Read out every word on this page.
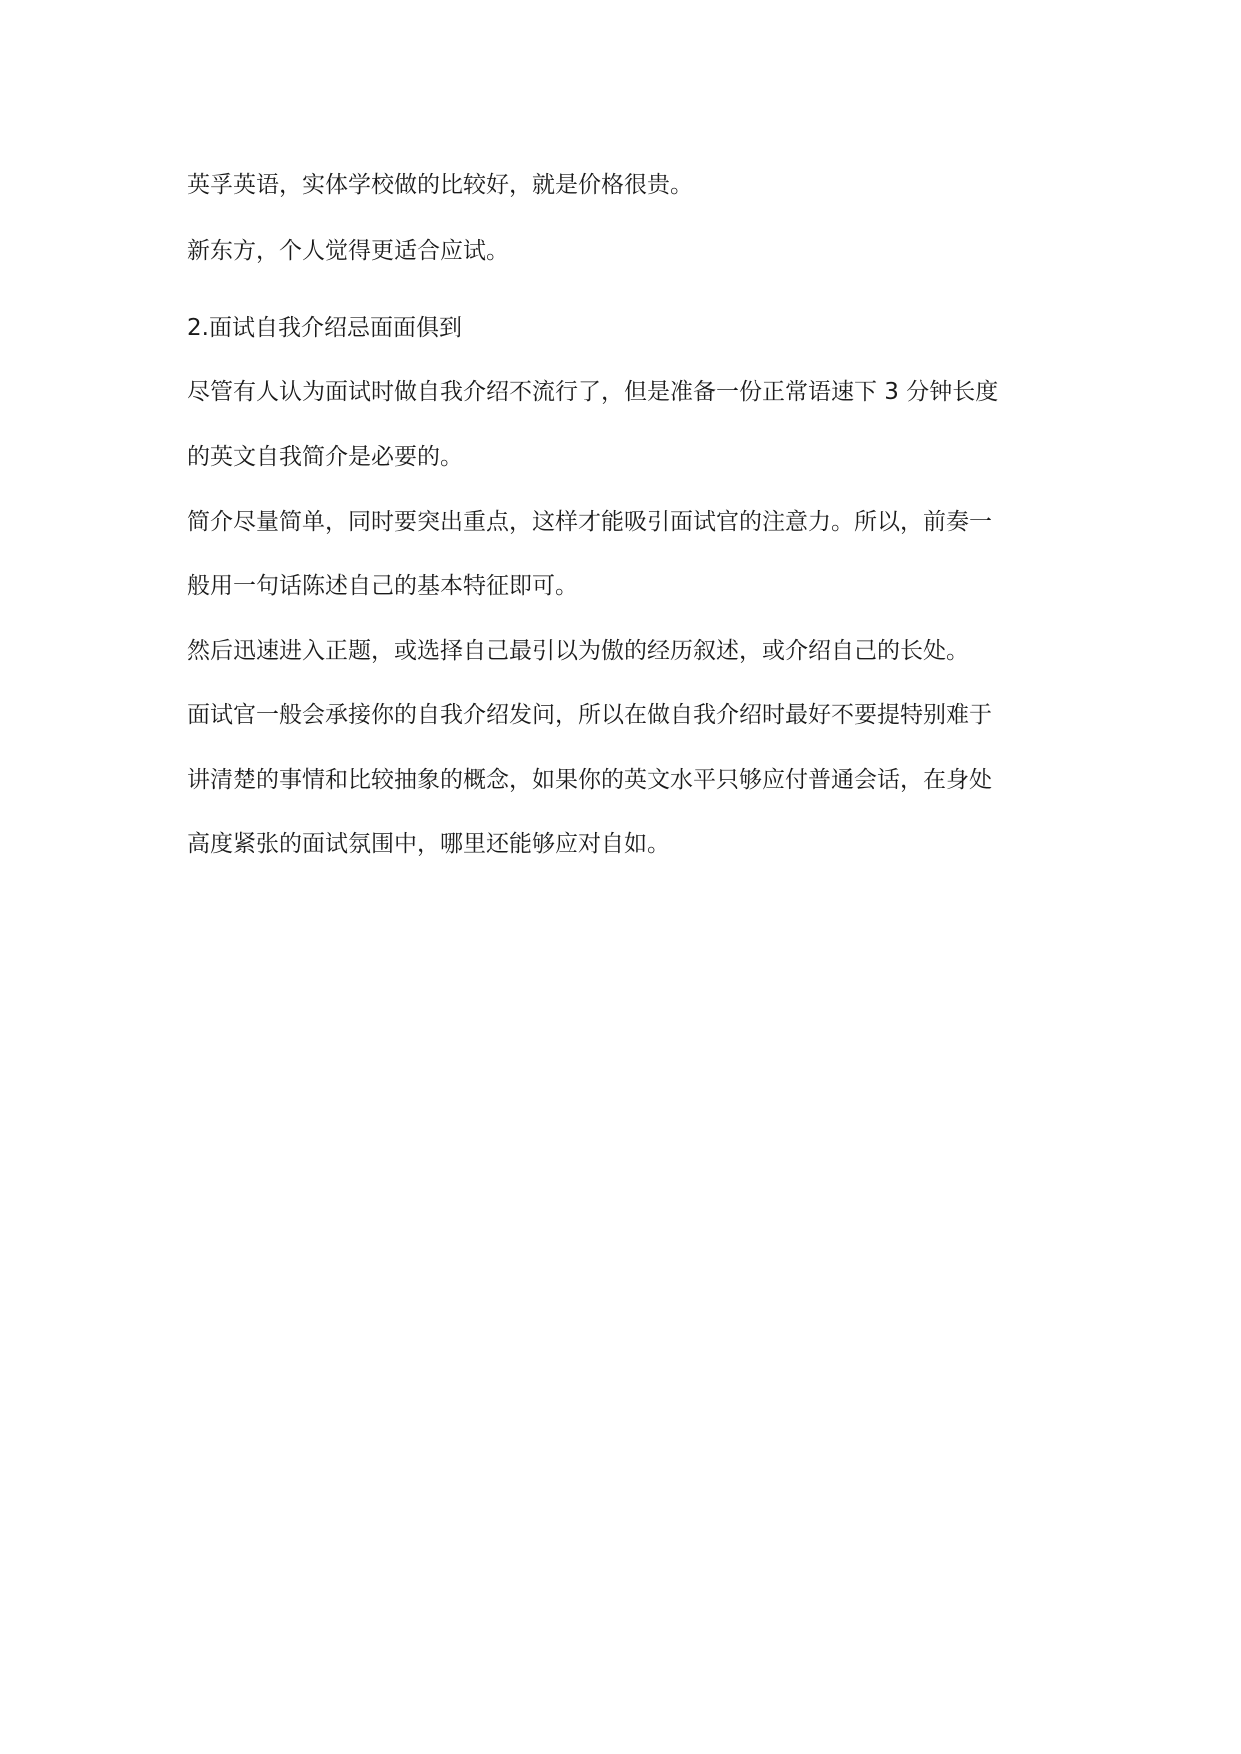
英孚英语，实体学校做的比较好，就是价格很贵。

新东方，个人觉得更适合应试。

2.面试自我介绍忌面面俱到

尽管有人认为面试时做自我介绍不流行了，但是准备一份正常语速下 3 分钟长度

的英文自我简介是必要的。

简介尽量简单，同时要突出重点，这样才能吸引面试官的注意力。所以，前奏一

般用一句话陈述自己的基本特征即可。

然后迅速进入正题，或选择自己最引以为傲的经历叙述，或介绍自己的长处。

面试官一般会承接你的自我介绍发问，所以在做自我介绍时最好不要提特别难于

讲清楚的事情和比较抽象的概念，如果你的英文水平只够应付普通会话，在身处

高度紧张的面试氛围中，哪里还能够应对自如。
